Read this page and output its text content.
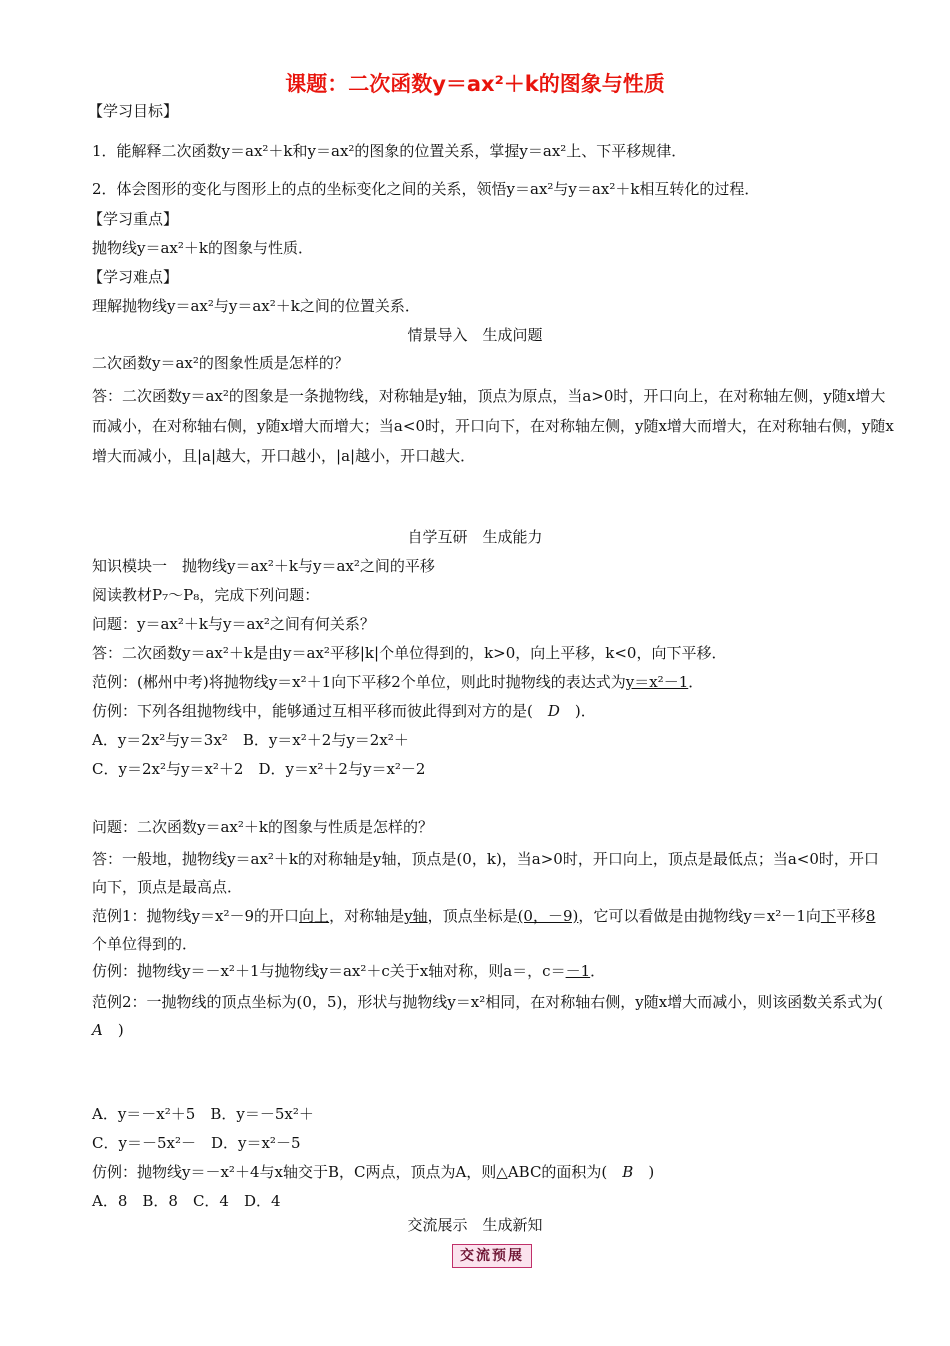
课题：二次函数y＝ax²＋k的图象与性质
【学习目标】
1．能解释二次函数y＝ax²＋k和y＝ax²的图象的位置关系，掌握y＝ax²上、下平移规律．
2．体会图形的变化与图形上的点的坐标变化之间的关系，领悟y＝ax²与y＝ax²＋k相互转化的过程．
【学习重点】
抛物线y＝ax²＋k的图象与性质．
【学习难点】
理解抛物线y＝ax²与y＝ax²＋k之间的位置关系．
情景导入　生成问题
二次函数y＝ax²的图象性质是怎样的？
答：二次函数y＝ax²的图象是一条抛物线，对称轴是y轴，顶点为原点，当a>0时，开口向上，在对称轴左侧，y随x增大而减小，在对称轴右侧，y随x增大而增大；当a<0时，开口向下，在对称轴左侧，y随x增大而增大，在对称轴右侧，y随x增大而减小，且|a|越大，开口越小，|a|越小，开口越大．
自学互研　生成能力
知识模块一　抛物线y＝ax²＋k与y＝ax²之间的平移
阅读教材P₇～P₈，完成下列问题：
问题：y＝ax²＋k与y＝ax²之间有何关系？
答：二次函数y＝ax²＋k是由y＝ax²平移|k|个单位得到的，k>0，向上平移，k<0，向下平移．
范例：(郴州中考)将抛物线y＝x²＋1向下平移2个单位，则此时抛物线的表达式为y＝x²－1．
仿例：下列各组抛物线中，能够通过互相平移而彼此得到对方的是(　D　)．
A．y＝2x²与y＝3x²　B．y＝x²＋2与y＝2x²＋
C．y＝2x²与y＝x²＋2　D．y＝x²＋2与y＝x²－2
问题：二次函数y＝ax²＋k的图象与性质是怎样的？
答：一般地，抛物线y＝ax²＋k的对称轴是y轴，顶点是(0，k)，当a>0时，开口向上，顶点是最低点；当a<0时，开口向下，顶点是最高点．
范例1：抛物线y＝x²－9的开口向上，对称轴是y轴，顶点坐标是(0，－9)，它可以看做是由抛物线y＝x²－1向下平移8个单位得到的．
仿例：抛物线y＝－x²＋1与抛物线y＝ax²＋c关于x轴对称，则a＝，c＝－1．
范例2：一抛物线的顶点坐标为(0，5)，形状与抛物线y＝x²相同，在对称轴右侧，y随x增大而减小，则该函数关系式为(　A　)
A．y＝－x²＋5　B．y＝－5x²＋
C．y＝－5x²－　D．y＝x²－5
仿例：抛物线y＝－x²＋4与x轴交于B，C两点，顶点为A，则△ABC的面积为(　B　)
A．8　B．8　C．4　D．4
交流展示　生成新知
交流预展
